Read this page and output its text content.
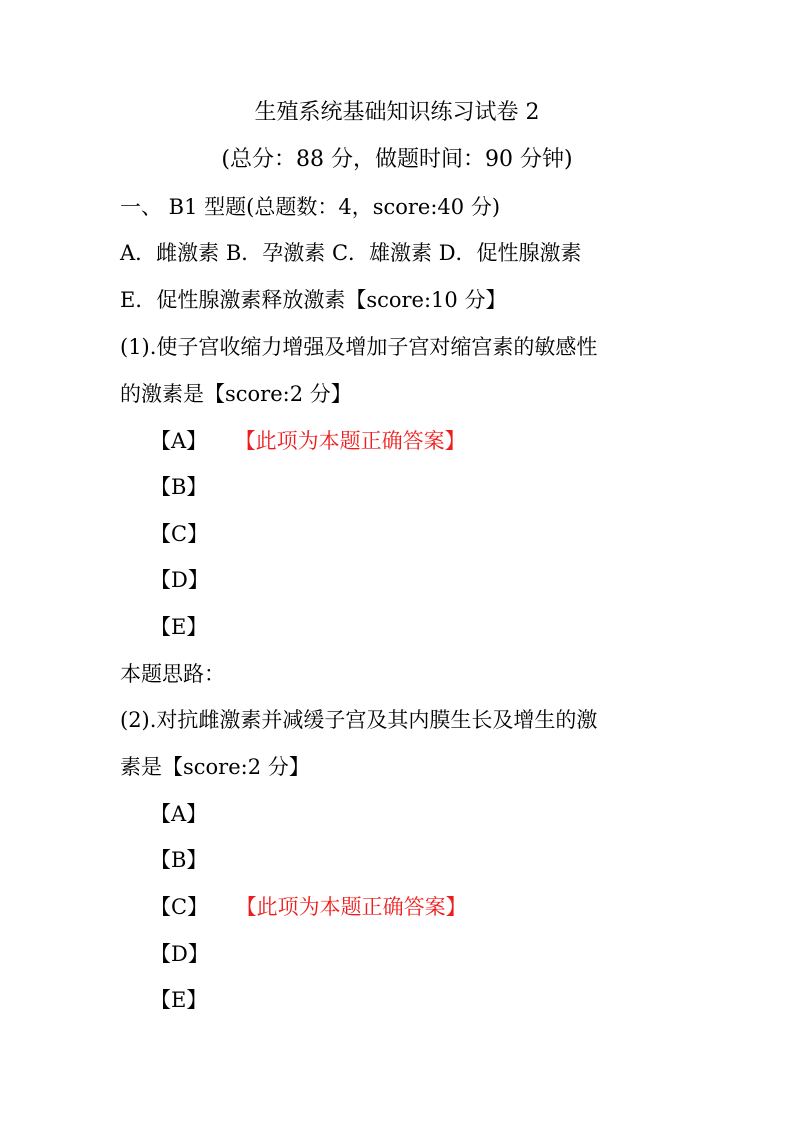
生殖系统基础知识练习试卷 2
(总分：88 分，做题时间：90 分钟)
一、 B1 型题(总题数：4，score:40 分)
A．雌激素 B．孕激素 C．雄激素 D．促性腺激素
E．促性腺激素释放激素【score:10 分】
(1).使子宫收缩力增强及增加子宫对缩宫素的敏感性
的激素是【score:2 分】
【A】 【此项为本题正确答案】
【B】
【C】
【D】
【E】
本题思路：
(2).对抗雌激素并减缓子宫及其内膜生长及增生的激
素是【score:2 分】
【A】
【B】
【C】 【此项为本题正确答案】
【D】
【E】
